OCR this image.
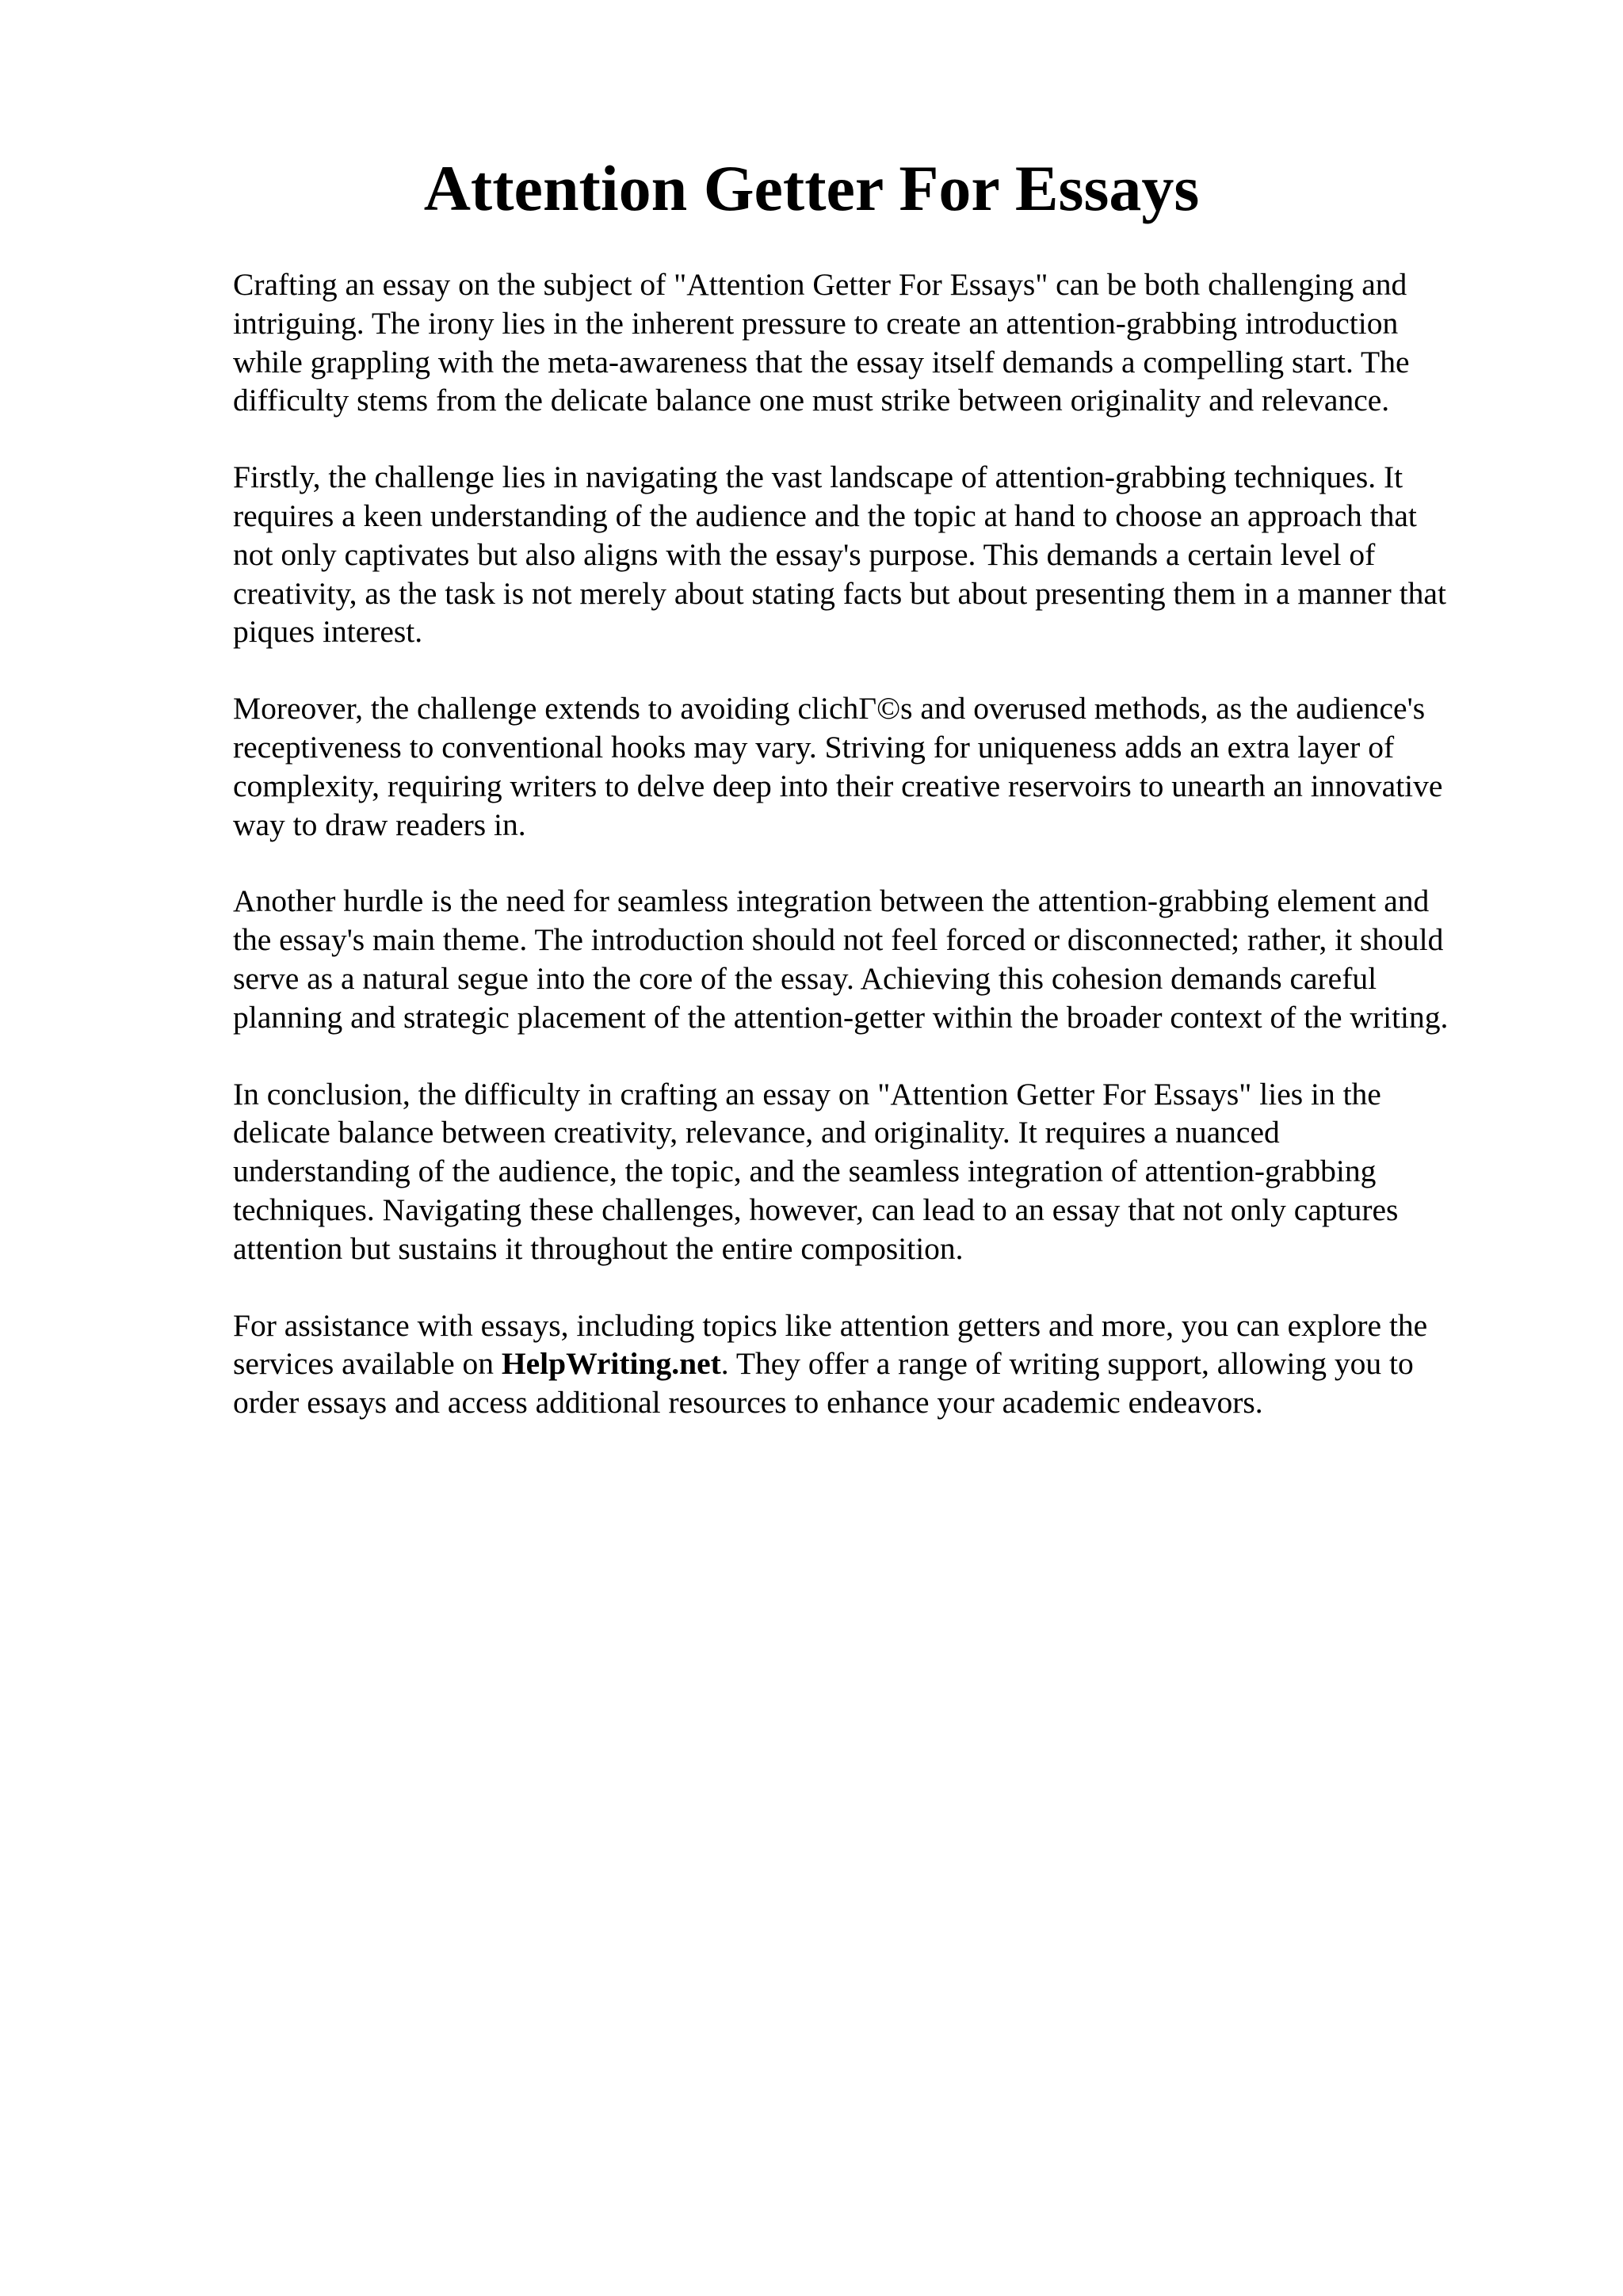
Attention Getter For Essays

Crafting an essay on the subject of "Attention Getter For Essays" can be both challenging and
intriguing. The irony lies in the inherent pressure to create an attention-grabbing introduction
while grappling with the meta-awareness that the essay itself demands a compelling start. The
difficulty stems from the delicate balance one must strike between originality and relevance.

Firstly, the challenge lies in navigating the vast landscape of attention-grabbing techniques. It
requires a keen understanding of the audience and the topic at hand to choose an approach that
not only captivates but also aligns with the essay's purpose. This demands a certain level of
creativity, as the task is not merely about stating facts but about presenting them in a manner that
piques interest.

Moreover, the challenge extends to avoiding clichГ©s and overused methods, as the audience's
receptiveness to conventional hooks may vary. Striving for uniqueness adds an extra layer of
complexity, requiring writers to delve deep into their creative reservoirs to unearth an innovative
way to draw readers in.

Another hurdle is the need for seamless integration between the attention-grabbing element and
the essay's main theme. The introduction should not feel forced or disconnected; rather, it should
serve as a natural segue into the core of the essay. Achieving this cohesion demands careful
planning and strategic placement of the attention-getter within the broader context of the writing.

In conclusion, the difficulty in crafting an essay on "Attention Getter For Essays" lies in the
delicate balance between creativity, relevance, and originality. It requires a nuanced
understanding of the audience, the topic, and the seamless integration of attention-grabbing
techniques. Navigating these challenges, however, can lead to an essay that not only captures
attention but sustains it throughout the entire composition.

For assistance with essays, including topics like attention getters and more, you can explore the
services available on HelpWriting.net. They offer a range of writing support, allowing you to
order essays and access additional resources to enhance your academic endeavors.
